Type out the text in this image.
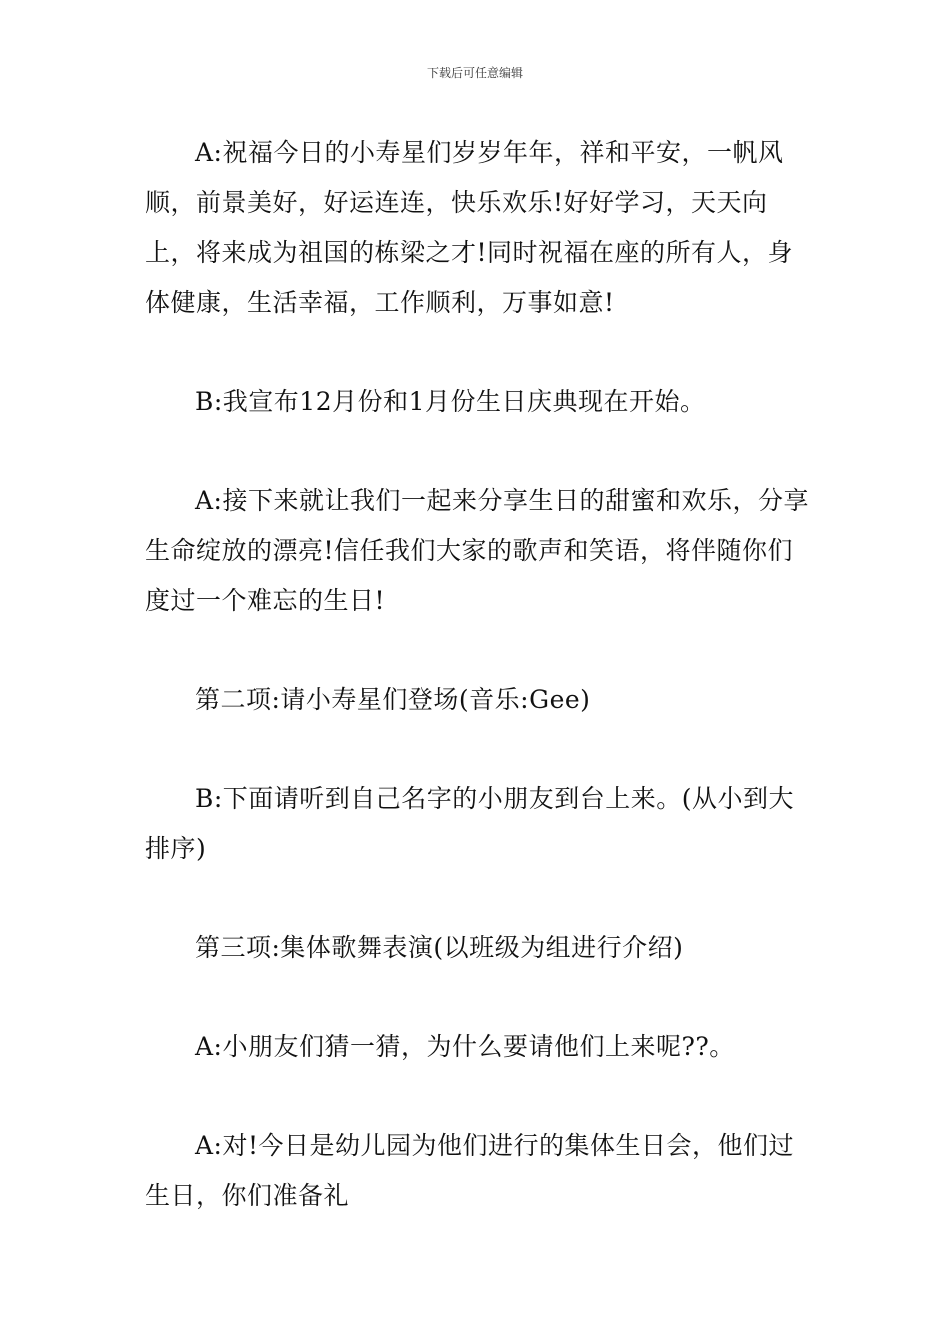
下载后可任意编辑

A:祝福今日的小寿星们岁岁年年，祥和平安，一帆风顺，前景美好，好运连连，快乐欢乐!好好学习，天天向上，将来成为祖国的栋梁之才!同时祝福在座的所有人，身体健康，生活幸福，工作顺利，万事如意!

B:我宣布12月份和1月份生日庆典现在开始。

A:接下来就让我们一起来分享生日的甜蜜和欢乐，分享生命绽放的漂亮!信任我们大家的歌声和笑语，将伴随你们度过一个难忘的生日!

第二项:请小寿星们登场(音乐:Gee)

B:下面请听到自己名字的小朋友到台上来。(从小到大排序)

第三项:集体歌舞表演(以班级为组进行介绍)

A:小朋友们猜一猜，为什么要请他们上来呢??。

A:对!今日是幼儿园为他们进行的集体生日会，他们过生日，你们准备礼
